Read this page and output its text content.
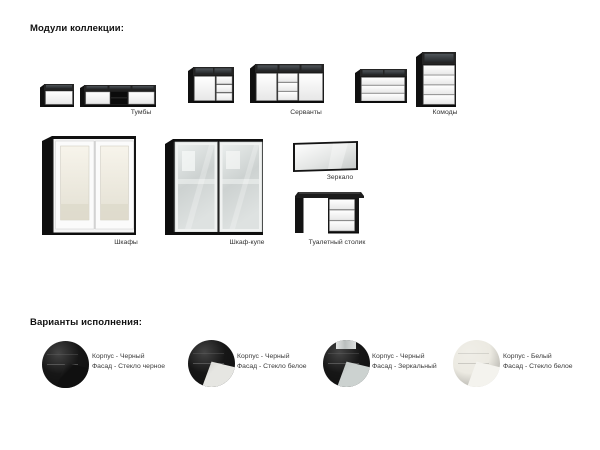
Модули коллекции:
Тумбы	Серванты	Комоды
Шкафы	Шкаф-купе
Зеркало
Туалетный столик
Варианты исполнения:
Корпус - Черный
Фасад - Стекло черное
Корпус - Черный
Фасад - Стекло белое
Корпус - Черный
Фасад - Зеркальный
Корпус - Белый
Фасад - Стекло белое
